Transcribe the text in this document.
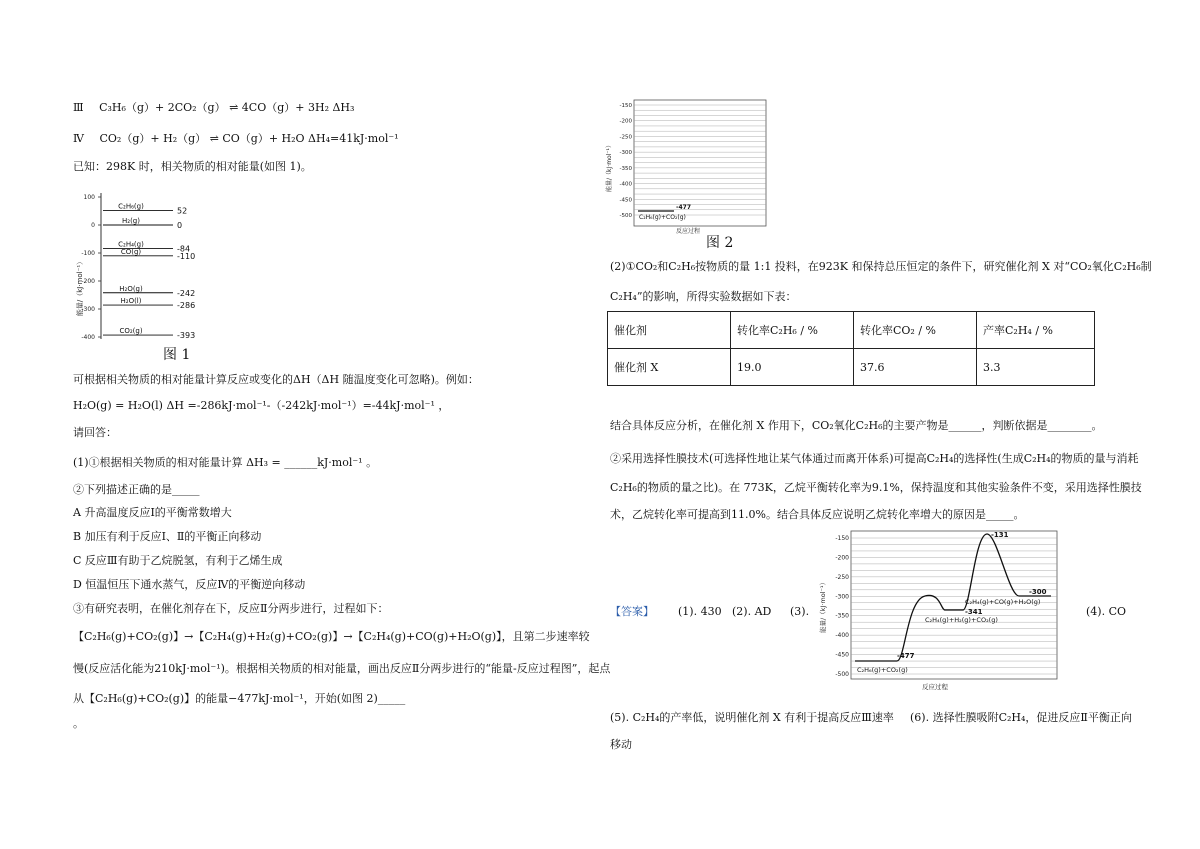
Ⅲ C₃H₆（g）+ 2CO₂（g） ⇌ 4CO（g）+ 3H₂ ΔH₃
Ⅳ CO₂（g）+ H₂（g） ⇌ CO（g）+ H₂O ΔH₄=41kJ·mol⁻¹
已知：298K 时，相关物质的相对能量(如图 1)。
100
0
-100
-200
-300
-400
能量/（kJ·mol⁻¹）
C₂H₆(g)	52
H₂(g)	0
C₂H₄(g)	-84
CO(g)	-110
H₂O(g)	-242
H₂O(l)	-286
CO₂(g)	-393
图 1
可根据相关物质的相对能量计算反应或变化的ΔH（ΔH 随温度变化可忽略)。例如：
H₂O(g) = H₂O(l) ΔH =-286kJ·mol⁻¹-（-242kJ·mol⁻¹）=-44kJ·mol⁻¹ ，
请回答：
(1)①根据相关物质的相对能量计算 ΔH₃ = ______kJ·mol⁻¹ 。
②下列描述正确的是_____
A 升高温度反应Ⅰ的平衡常数增大
B 加压有利于反应Ⅰ、Ⅱ的平衡正向移动
C 反应Ⅲ有助于乙烷脱氢，有利于乙烯生成
D 恒温恒压下通水蒸气，反应Ⅳ的平衡逆向移动
③有研究表明，在催化剂存在下，反应Ⅱ分两步进行，过程如下：
【C₂H₆(g)+CO₂(g)】→【C₂H₄(g)+H₂(g)+CO₂(g)】→【C₂H₄(g)+CO(g)+H₂O(g)】，且第二步速率较
慢(反应活化能为210kJ·mol⁻¹)。根据相关物质的相对能量，画出反应Ⅱ分两步进行的“能量-反应过程图”，起点
从【C₂H₆(g)+CO₂(g)】的能量−477kJ·mol⁻¹，开始(如图 2)_____
。
-150
-200
-250
-300
-350
-400
-450
-500
-477
C₂H₆(g)+CO₂(g)
能量/（kJ·mol⁻¹）
反应过程
图 2
(2)①CO₂和C₂H₆按物质的量 1:1 投料，在923K 和保持总压恒定的条件下，研究催化剂 X 对“CO₂氧化C₂H₆制
C₂H₄”的影响，所得实验数据如下表：
催化剂	转化率C₂H₆ / %	转化率CO₂ / %	产率C₂H₄ / %
催化剂 X	19.0	37.6	3.3
结合具体反应分析，在催化剂 X 作用下，CO₂氧化C₂H₆的主要产物是______，判断依据是________。
②采用选择性膜技术(可选择性地让某气体通过而离开体系)可提高C₂H₄的选择性(生成C₂H₄的物质的量与消耗
C₂H₆的物质的量之比)。在 773K，乙烷平衡转化率为9.1%，保持温度和其他实验条件不变，采用选择性膜技
术，乙烷转化率可提高到11.0%。结合具体反应说明乙烷转化率增大的原因是_____。
【答案】 (1). 430 (2). AD (3).	(4). CO
-150
-200
-250
-300
-350
-400
-450
-500
-477
C₂H₆(g)+CO₂(g)
-341
C₂H₄(g)+H₂(g)+CO₂(g)
-131
-300
C₂H₄(g)+CO(g)+H₂O(g)
能量/（kJ·mol⁻¹）
反应过程
(5). C₂H₄的产率低，说明催化剂 X 有利于提高反应Ⅲ速率 (6). 选择性膜吸附C₂H₄，促进反应Ⅱ平衡正向
移动
